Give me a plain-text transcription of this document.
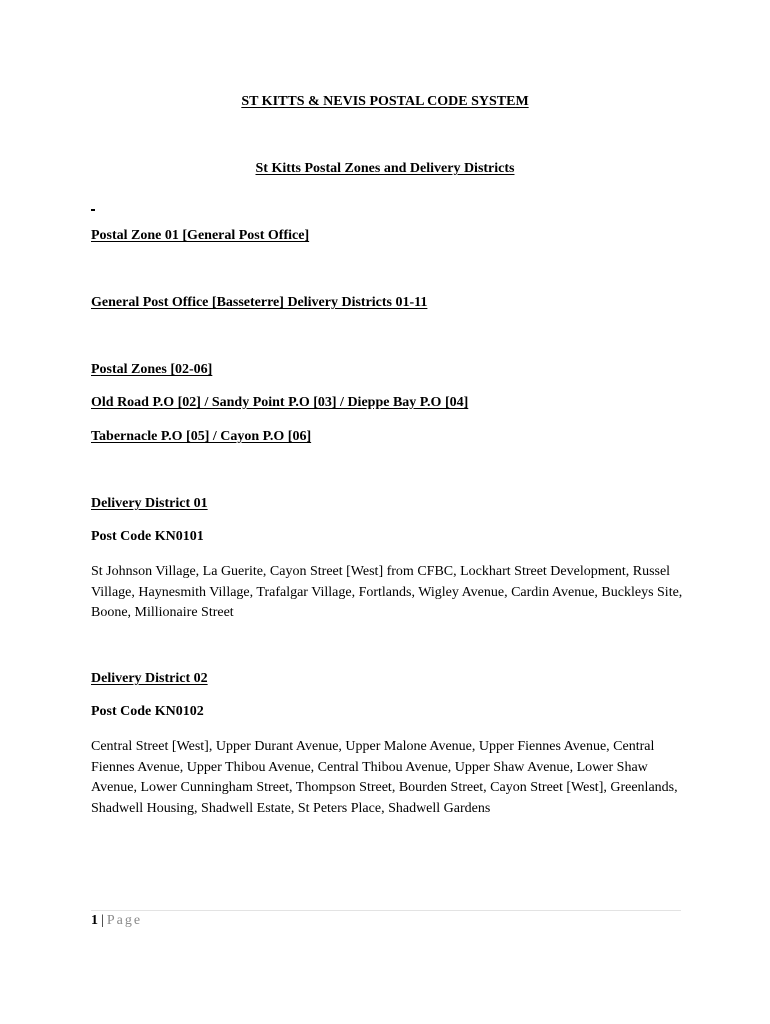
ST KITTS & NEVIS POSTAL CODE SYSTEM

St Kitts Postal Zones and Delivery Districts

Postal Zone 01 [General Post Office]

General Post Office [Basseterre] Delivery Districts 01-11

Postal Zones [02-06]

Old Road P.O [02] / Sandy Point P.O [03] / Dieppe Bay P.O [04]

Tabernacle P.O [05] / Cayon P.O [06]

Delivery District 01

Post Code KN0101

St Johnson Village, La Guerite, Cayon Street [West] from CFBC, Lockhart Street Development, Russel Village, Haynesmith Village, Trafalgar Village, Fortlands, Wigley Avenue, Cardin Avenue, Buckleys Site, Boone, Millionaire Street

Delivery District 02

Post Code KN0102

Central Street [West], Upper Durant Avenue, Upper Malone Avenue, Upper Fiennes Avenue, Central Fiennes Avenue, Upper Thibou Avenue, Central Thibou Avenue, Upper Shaw Avenue, Lower Shaw Avenue, Lower Cunningham Street, Thompson Street, Bourden Street, Cayon Street [West], Greenlands, Shadwell Housing, Shadwell Estate, St Peters Place, Shadwell Gardens

1 | Page
